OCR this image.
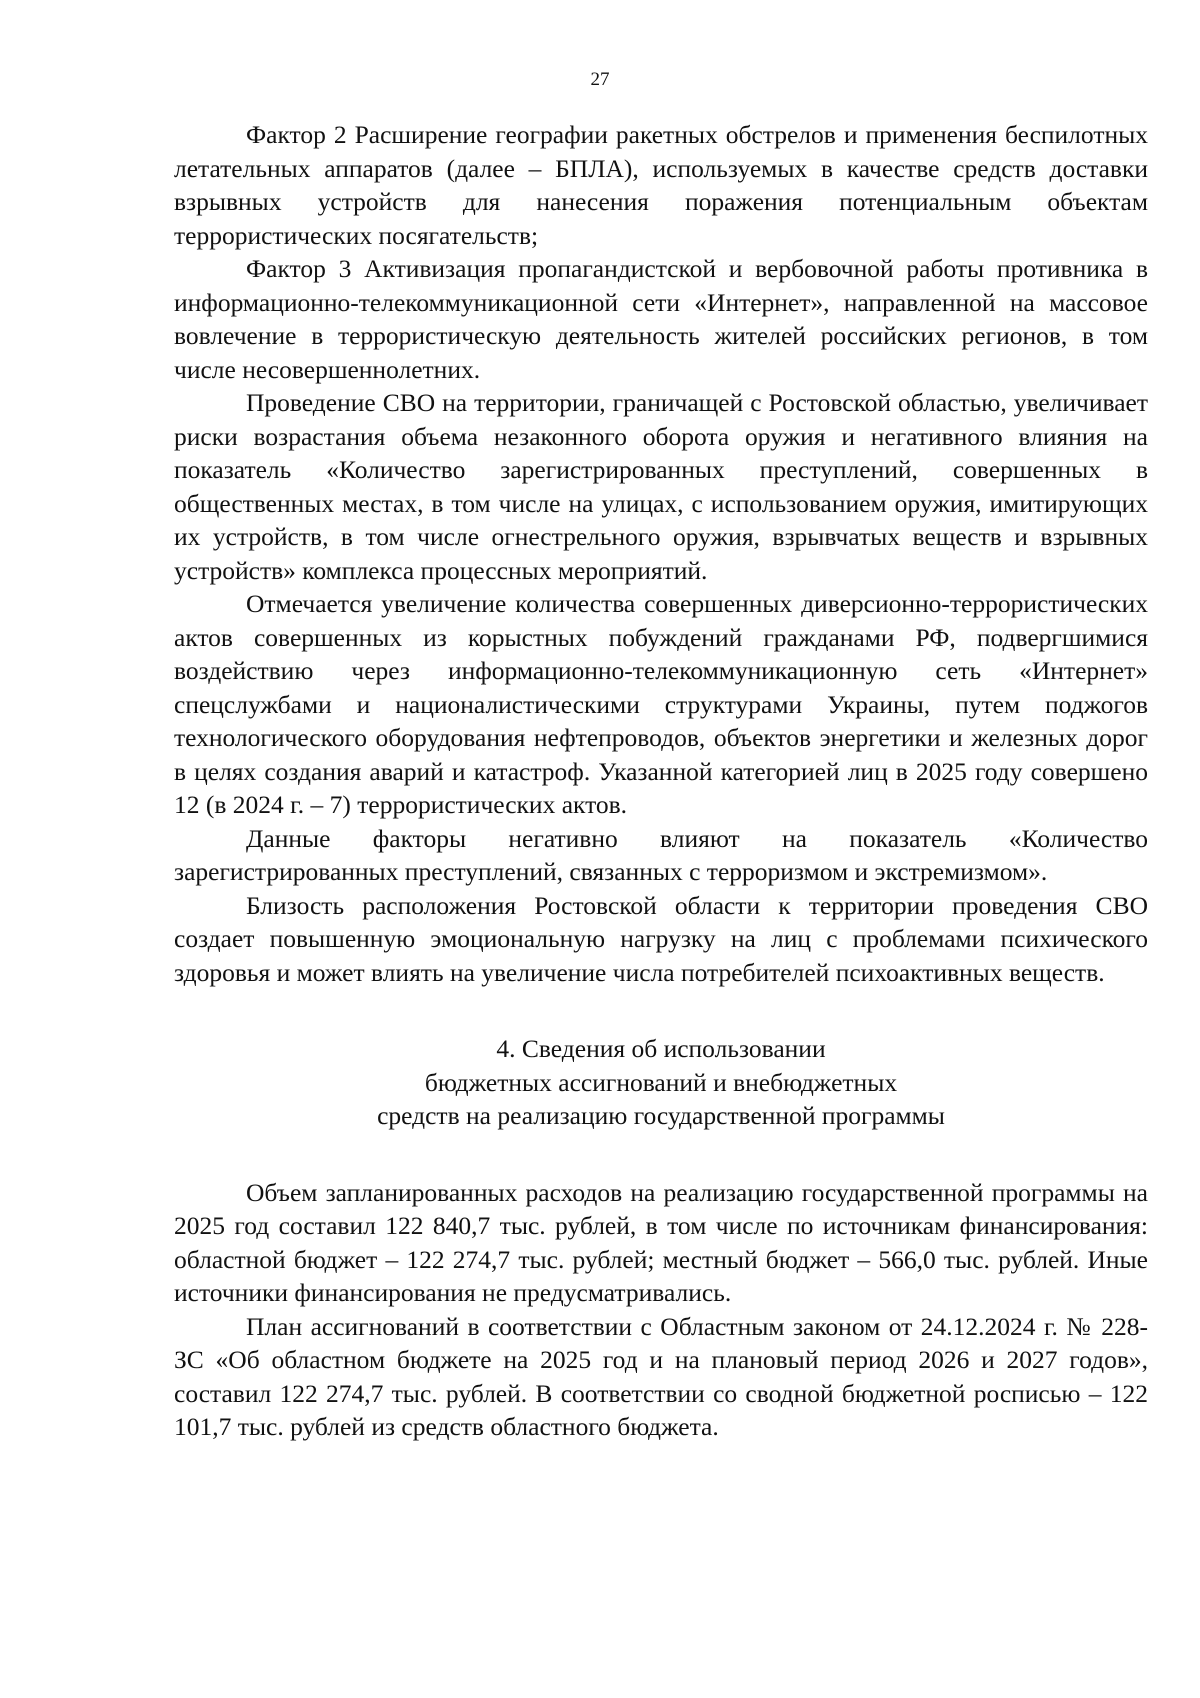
27

Фактор 2 Расширение географии ракетных обстрелов и применения беспилотных летательных аппаратов (далее – БПЛА), используемых в качестве средств доставки взрывных устройств для нанесения поражения потенциальным объектам террористических посягательств;

Фактор 3 Активизация пропагандистской и вербовочной работы противника в информационно-телекоммуникационной сети «Интернет», направленной на массовое вовлечение в террористическую деятельность жителей российских регионов, в том числе несовершеннолетних.

Проведение СВО на территории, граничащей с Ростовской областью, увеличивает риски возрастания объема незаконного оборота оружия и негативного влияния на показатель «Количество зарегистрированных преступлений, совершенных в общественных местах, в том числе на улицах, с использованием оружия, имитирующих их устройств, в том числе огнестрельного оружия, взрывчатых веществ и взрывных устройств» комплекса процессных мероприятий.

Отмечается увеличение количества совершенных диверсионно-террористических актов совершенных из корыстных побуждений гражданами РФ, подвергшимися воздействию через информационно-телекоммуникационную сеть «Интернет» спецслужбами и националистическими структурами Украины, путем поджогов технологического оборудования нефтепроводов, объектов энергетики и железных дорог в целях создания аварий и катастроф. Указанной категорией лиц в 2025 году совершено 12 (в 2024 г. – 7) террористических актов.

Данные факторы негативно влияют на показатель «Количество зарегистрированных преступлений, связанных с терроризмом и экстремизмом».

Близость расположения Ростовской области к территории проведения СВО создает повышенную эмоциональную нагрузку на лиц с проблемами психического здоровья и может влиять на увеличение числа потребителей психоактивных веществ.

4. Сведения об использовании
бюджетных ассигнований и внебюджетных
средств на реализацию государственной программы

Объем запланированных расходов на реализацию государственной программы на 2025 год составил 122 840,7 тыс. рублей, в том числе по источникам финансирования: областной бюджет – 122 274,7 тыс. рублей; местный бюджет – 566,0 тыс. рублей. Иные источники финансирования не предусматривались.

План ассигнований в соответствии с Областным законом от 24.12.2024 г. № 228-ЗС «Об областном бюджете на 2025 год и на плановый период 2026 и 2027 годов», составил 122 274,7 тыс. рублей. В соответствии со сводной бюджетной росписью – 122 101,7 тыс. рублей из средств областного бюджета.
